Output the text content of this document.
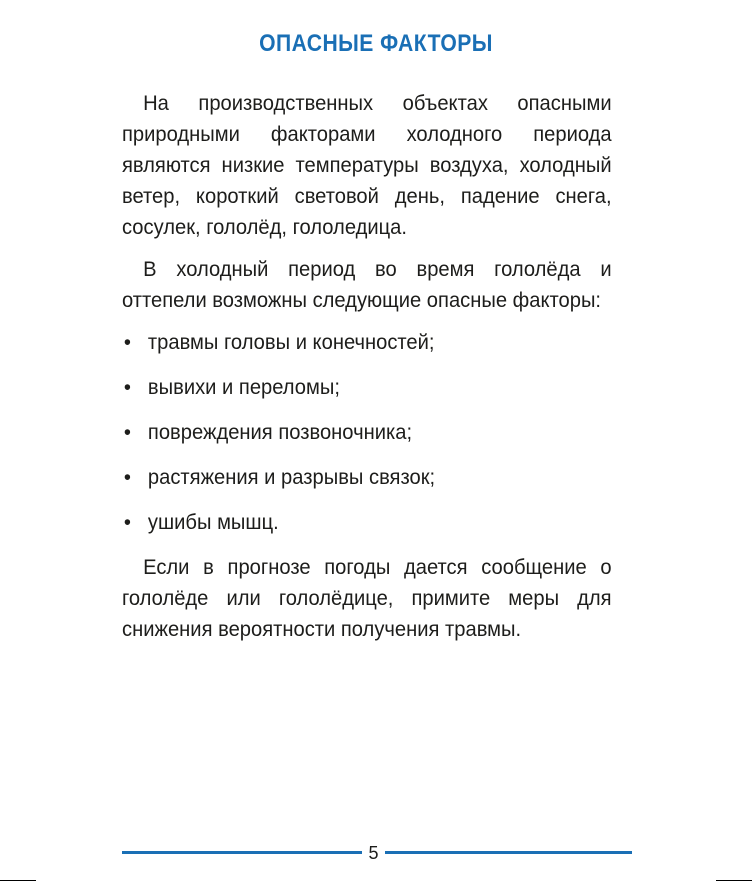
ОПАСНЫЕ ФАКТОРЫ

На производственных объектах опасными природными факторами холодного периода являются низкие температуры воздуха, холодный ветер, короткий световой день, падение снега, сосулек, гололёд, гололедица.

В холодный период во время гололёда и оттепели возможны следующие опасные факторы:

• травмы головы и конечностей;
• вывихи и переломы;
• повреждения позвоночника;
• растяжения и разрывы связок;
• ушибы мышц.

Если в прогнозе погоды дается сообщение о гололёде или гололёдице, примите меры для снижения вероятности получения травмы.

5
